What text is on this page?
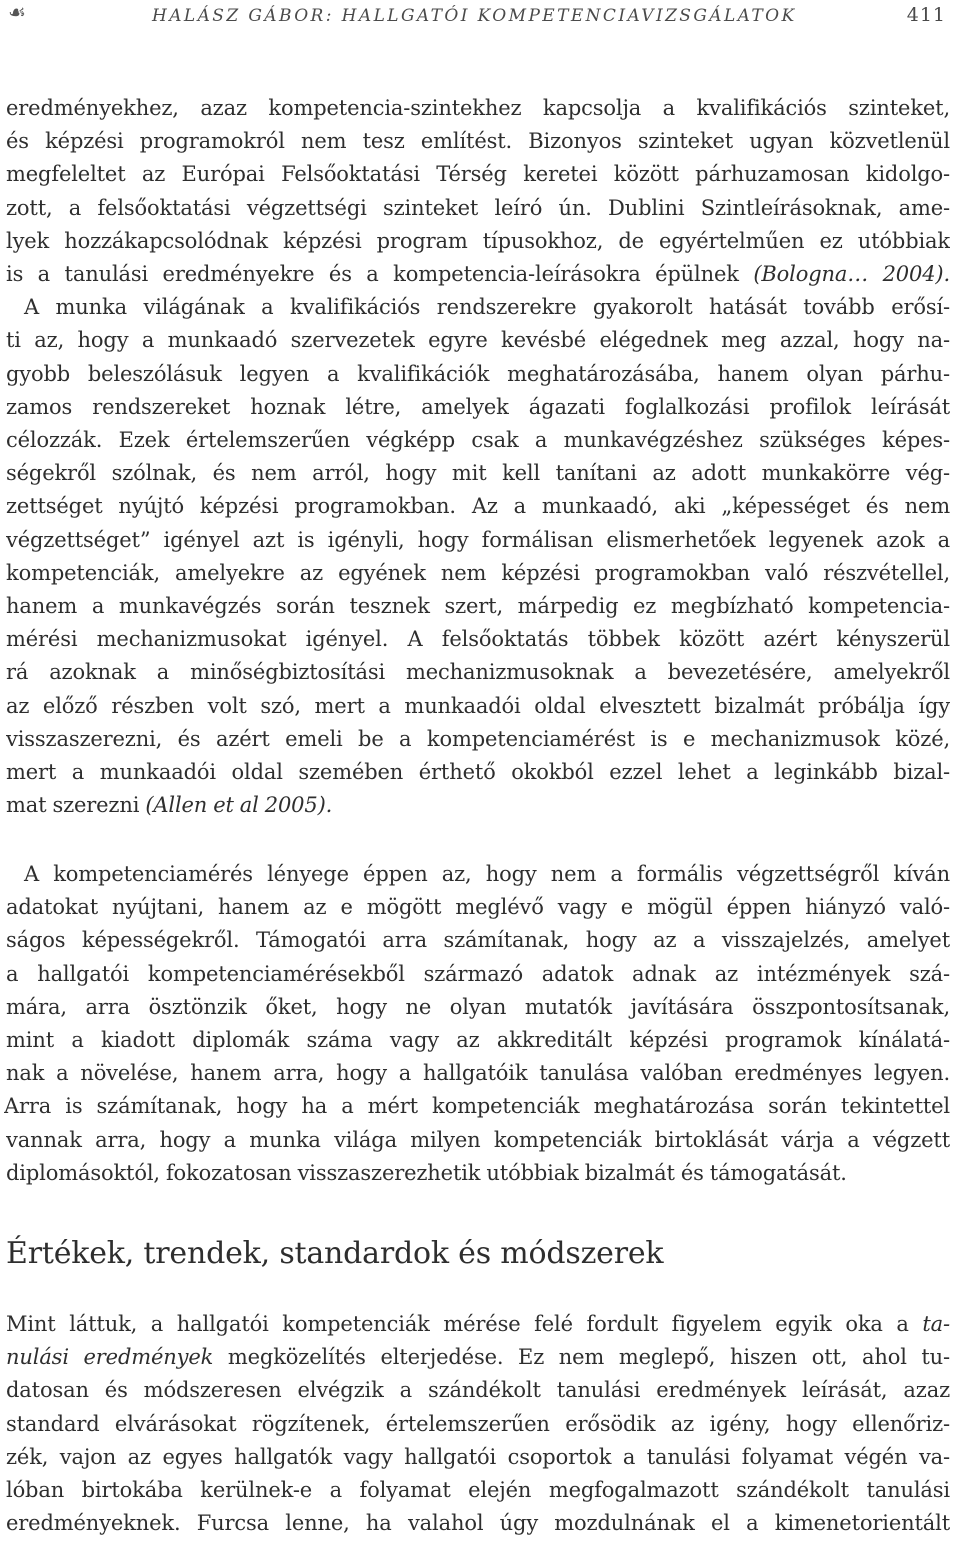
☙	HALÁSZ GÁBOR: HALLGATÓI KOMPETENCIAVIZSGÁLATOK	411
eredményekhez, azaz kompetencia-szintekhez kapcsolja a kvalifikációs szinteket,
és képzési programokról nem tesz említést. Bizonyos szinteket ugyan közvetlenül
megfeleltet az Európai Felsőoktatási Térség keretei között párhuzamosan kidolgo-
zott, a felsőoktatási végzettségi szinteket leíró ún. Dublini Szintleírásoknak, ame-
lyek hozzákapcsolódnak képzési program típusokhoz, de egyértelműen ez utóbbiak
is a tanulási eredményekre és a kompetencia-leírásokra épülnek (Bologna… 2004).
A munka világának a kvalifikációs rendszerekre gyakorolt hatását tovább erősí-
ti az, hogy a munkaadó szervezetek egyre kevésbé elégednek meg azzal, hogy na-
gyobb beleszólásuk legyen a kvalifikációk meghatározásába, hanem olyan párhu-
zamos rendszereket hoznak létre, amelyek ágazati foglalkozási profilok leírását
célozzák. Ezek értelemszerűen végképp csak a munkavégzéshez szükséges képes-
ségekről szólnak, és nem arról, hogy mit kell tanítani az adott munkakörre vég-
zettséget nyújtó képzési programokban. Az a munkaadó, aki „képességet és nem
végzettséget” igényel azt is igényli, hogy formálisan elismerhetőek legyenek azok a
kompetenciák, amelyekre az egyének nem képzési programokban való részvétellel,
hanem a munkavégzés során tesznek szert, márpedig ez megbízható kompetencia-
mérési mechanizmusokat igényel. A felsőoktatás többek között azért kényszerül
rá azoknak a minőségbiztosítási mechanizmusoknak a bevezetésére, amelyekről
az előző részben volt szó, mert a munkaadói oldal elvesztett bizalmát próbálja így
visszaszerezni, és azért emeli be a kompetenciamérést is e mechanizmusok közé,
mert a munkaadói oldal szemében érthető okokból ezzel lehet a leginkább bizal-
mat szerezni (Allen et al 2005).
A kompetenciamérés lényege éppen az, hogy nem a formális végzettségről kíván
adatokat nyújtani, hanem az e mögött meglévő vagy e mögül éppen hiányzó való-
ságos képességekről. Támogatói arra számítanak, hogy az a visszajelzés, amelyet
a hallgatói kompetenciamérésekből származó adatok adnak az intézmények szá-
mára, arra ösztönzik őket, hogy ne olyan mutatók javítására összpontosítsanak,
mint a kiadott diplomák száma vagy az akkreditált képzési programok kínálatá-
nak a növelése, hanem arra, hogy a hallgatóik tanulása valóban eredményes legyen.
Arra is számítanak, hogy ha a mért kompetenciák meghatározása során tekintettel
vannak arra, hogy a munka világa milyen kompetenciák birtoklását várja a végzett
diplomásoktól, fokozatosan visszaszerezhetik utóbbiak bizalmát és támogatását.
Értékek, trendek, standardok és módszerek
Mint láttuk, a hallgatói kompetenciák mérése felé fordult figyelem egyik oka a ta-
nulási eredmények megközelítés elterjedése. Ez nem meglepő, hiszen ott, ahol tu-
datosan és módszeresen elvégzik a szándékolt tanulási eredmények leírását, azaz
standard elvárásokat rögzítenek, értelemszerűen erősödik az igény, hogy ellenőriz-
zék, vajon az egyes hallgatók vagy hallgatói csoportok a tanulási folyamat végén va-
lóban birtokába kerülnek-e a folyamat elején megfogalmazott szándékolt tanulási
eredményeknek. Furcsa lenne, ha valahol úgy mozdulnának el a kimenetorientált
